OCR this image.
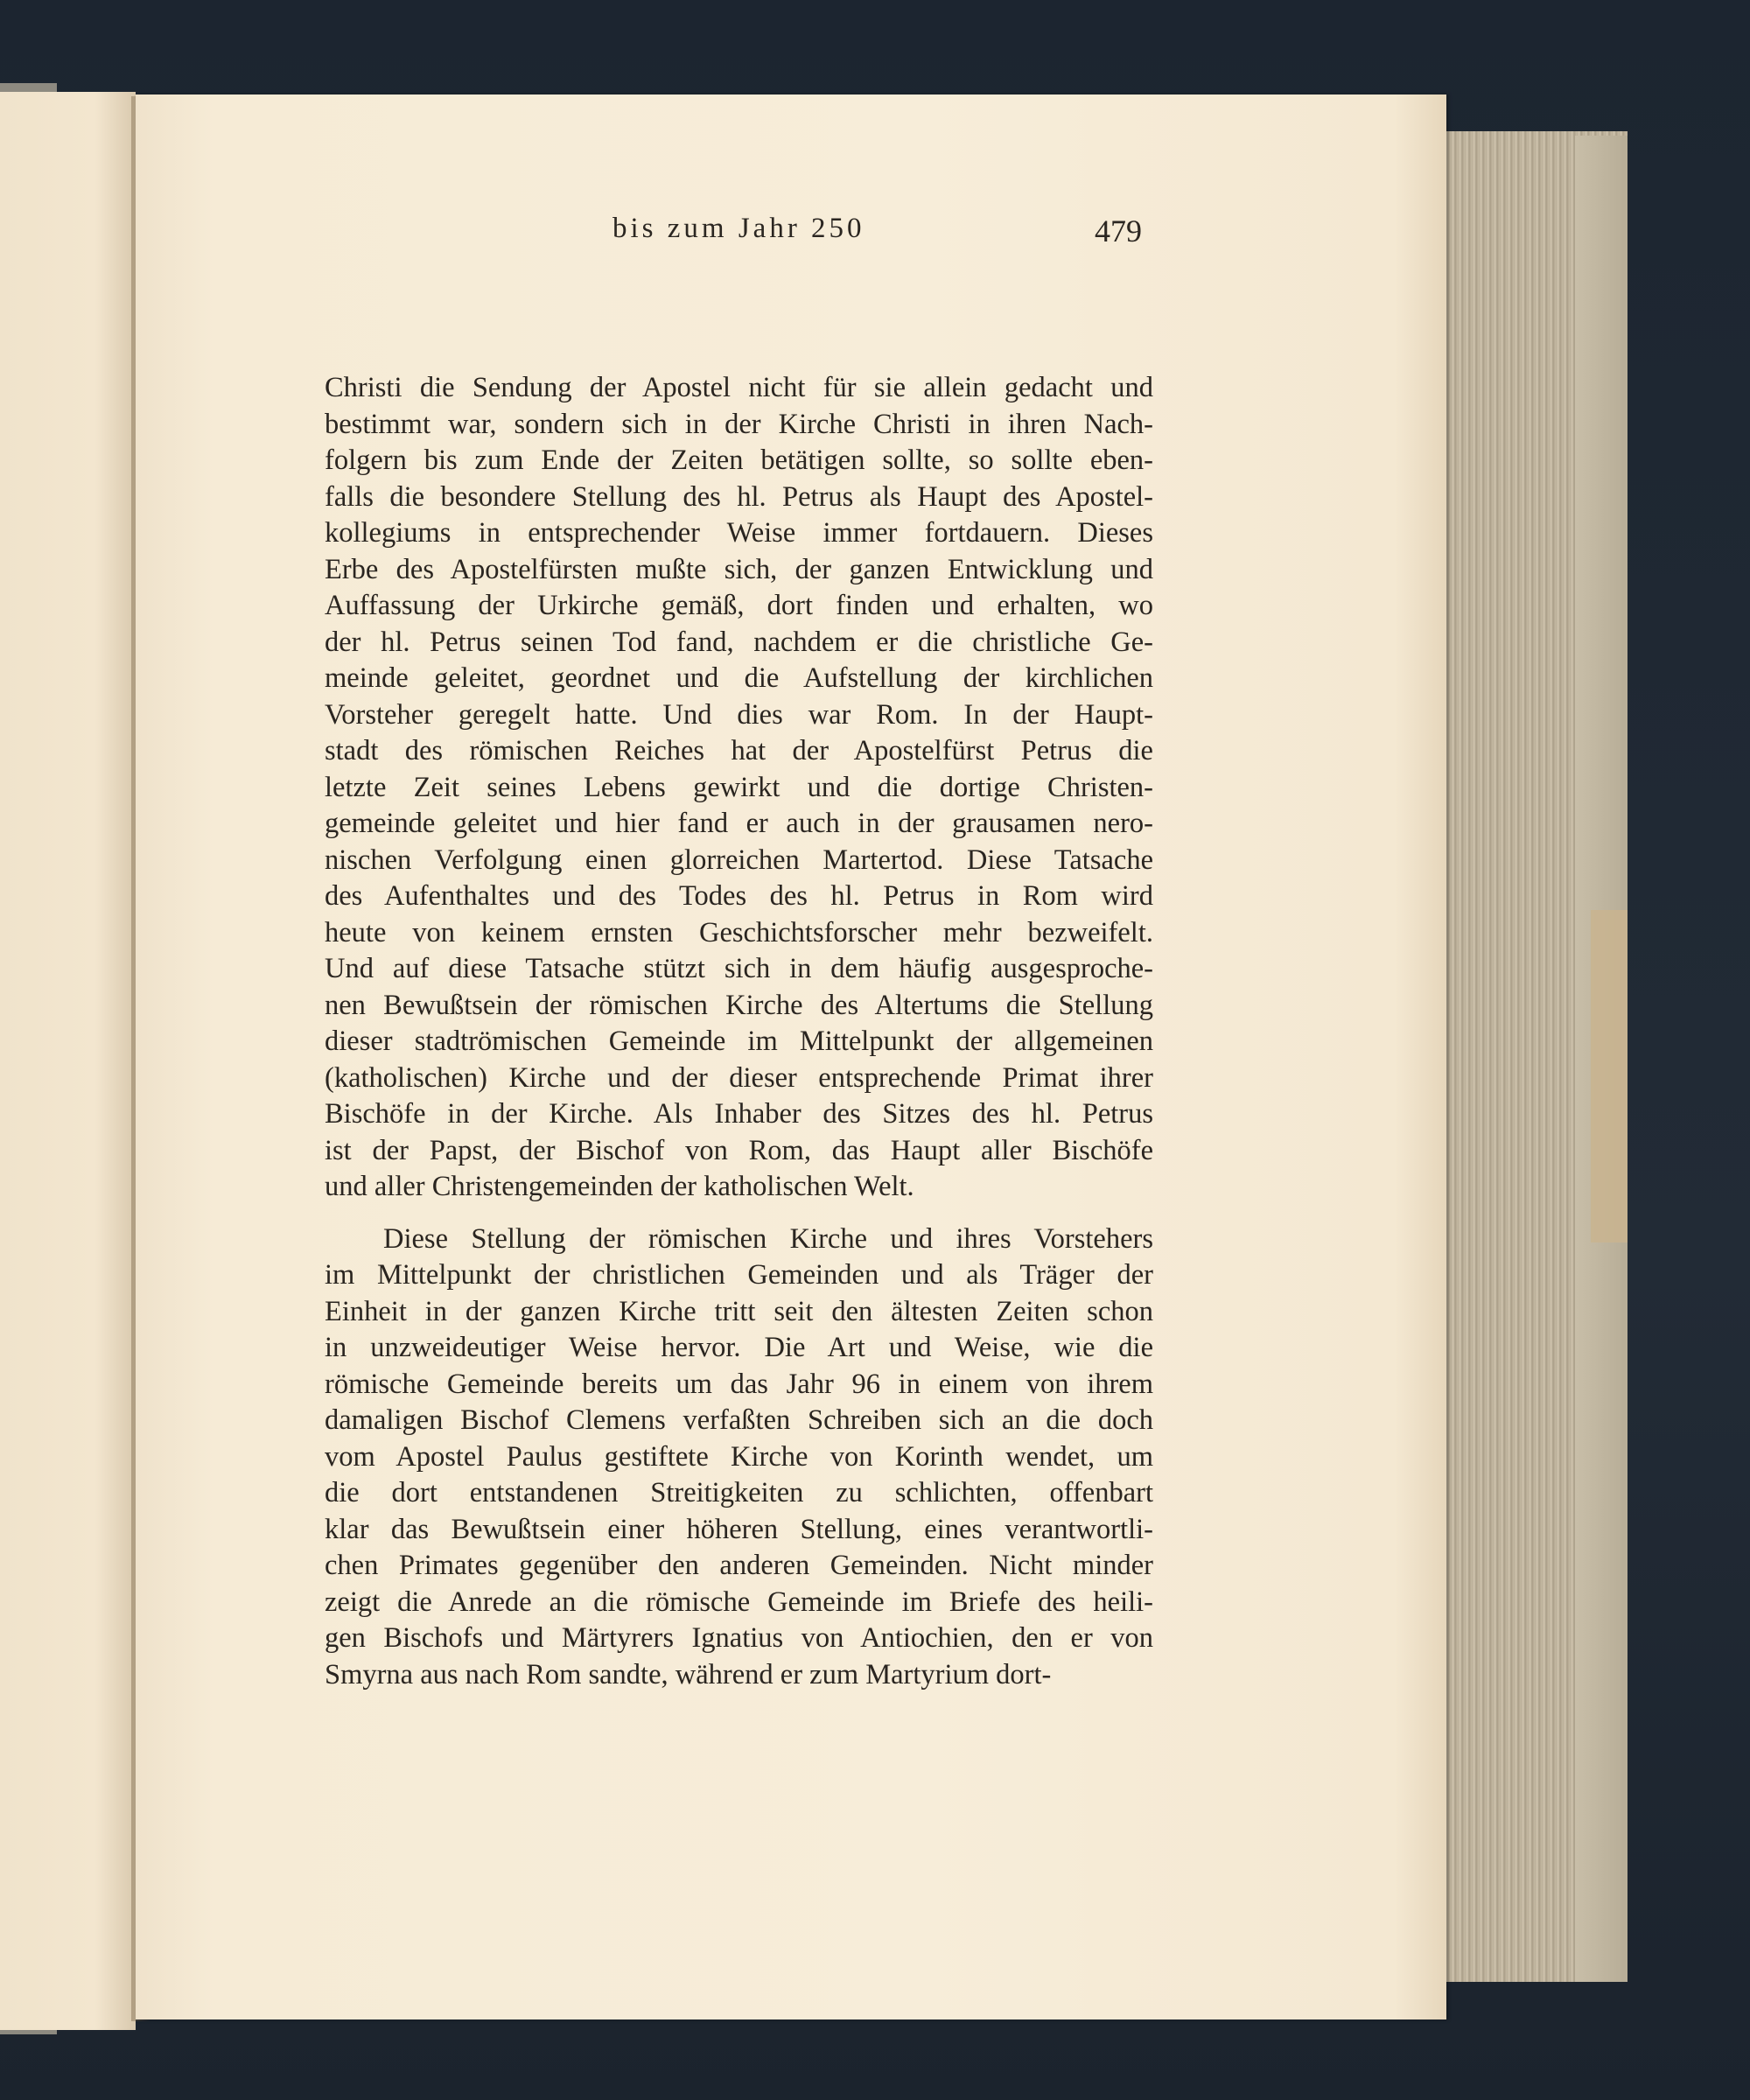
bis zum Jahr 250	479
Christi die Sendung der Apostel nicht für sie allein gedacht und
bestimmt war, sondern sich in der Kirche Christi in ihren Nach-
folgern bis zum Ende der Zeiten betätigen sollte, so sollte eben-
falls die besondere Stellung des hl. Petrus als Haupt des Apostel-
kollegiums in entsprechender Weise immer fortdauern. Dieses
Erbe des Apostelfürsten mußte sich, der ganzen Entwicklung und
Auffassung der Urkirche gemäß, dort finden und erhalten, wo
der hl. Petrus seinen Tod fand, nachdem er die christliche Ge-
meinde geleitet, geordnet und die Aufstellung der kirchlichen
Vorsteher geregelt hatte. Und dies war Rom. In der Haupt-
stadt des römischen Reiches hat der Apostelfürst Petrus die
letzte Zeit seines Lebens gewirkt und die dortige Christen-
gemeinde geleitet und hier fand er auch in der grausamen nero-
nischen Verfolgung einen glorreichen Martertod. Diese Tatsache
des Aufenthaltes und des Todes des hl. Petrus in Rom wird
heute von keinem ernsten Geschichtsforscher mehr bezweifelt.
Und auf diese Tatsache stützt sich in dem häufig ausgesproche-
nen Bewußtsein der römischen Kirche des Altertums die Stellung
dieser stadtrömischen Gemeinde im Mittelpunkt der allgemeinen
(katholischen) Kirche und der dieser entsprechende Primat ihrer
Bischöfe in der Kirche. Als Inhaber des Sitzes des hl. Petrus
ist der Papst, der Bischof von Rom, das Haupt aller Bischöfe
und aller Christengemeinden der katholischen Welt.
Diese Stellung der römischen Kirche und ihres Vorstehers
im Mittelpunkt der christlichen Gemeinden und als Träger der
Einheit in der ganzen Kirche tritt seit den ältesten Zeiten schon
in unzweideutiger Weise hervor. Die Art und Weise, wie die
römische Gemeinde bereits um das Jahr 96 in einem von ihrem
damaligen Bischof Clemens verfaßten Schreiben sich an die doch
vom Apostel Paulus gestiftete Kirche von Korinth wendet, um
die dort entstandenen Streitigkeiten zu schlichten, offenbart
klar das Bewußtsein einer höheren Stellung, eines verantwortli-
chen Primates gegenüber den anderen Gemeinden. Nicht minder
zeigt die Anrede an die römische Gemeinde im Briefe des heili-
gen Bischofs und Märtyrers Ignatius von Antiochien, den er von
Smyrna aus nach Rom sandte, während er zum Martyrium dort-
